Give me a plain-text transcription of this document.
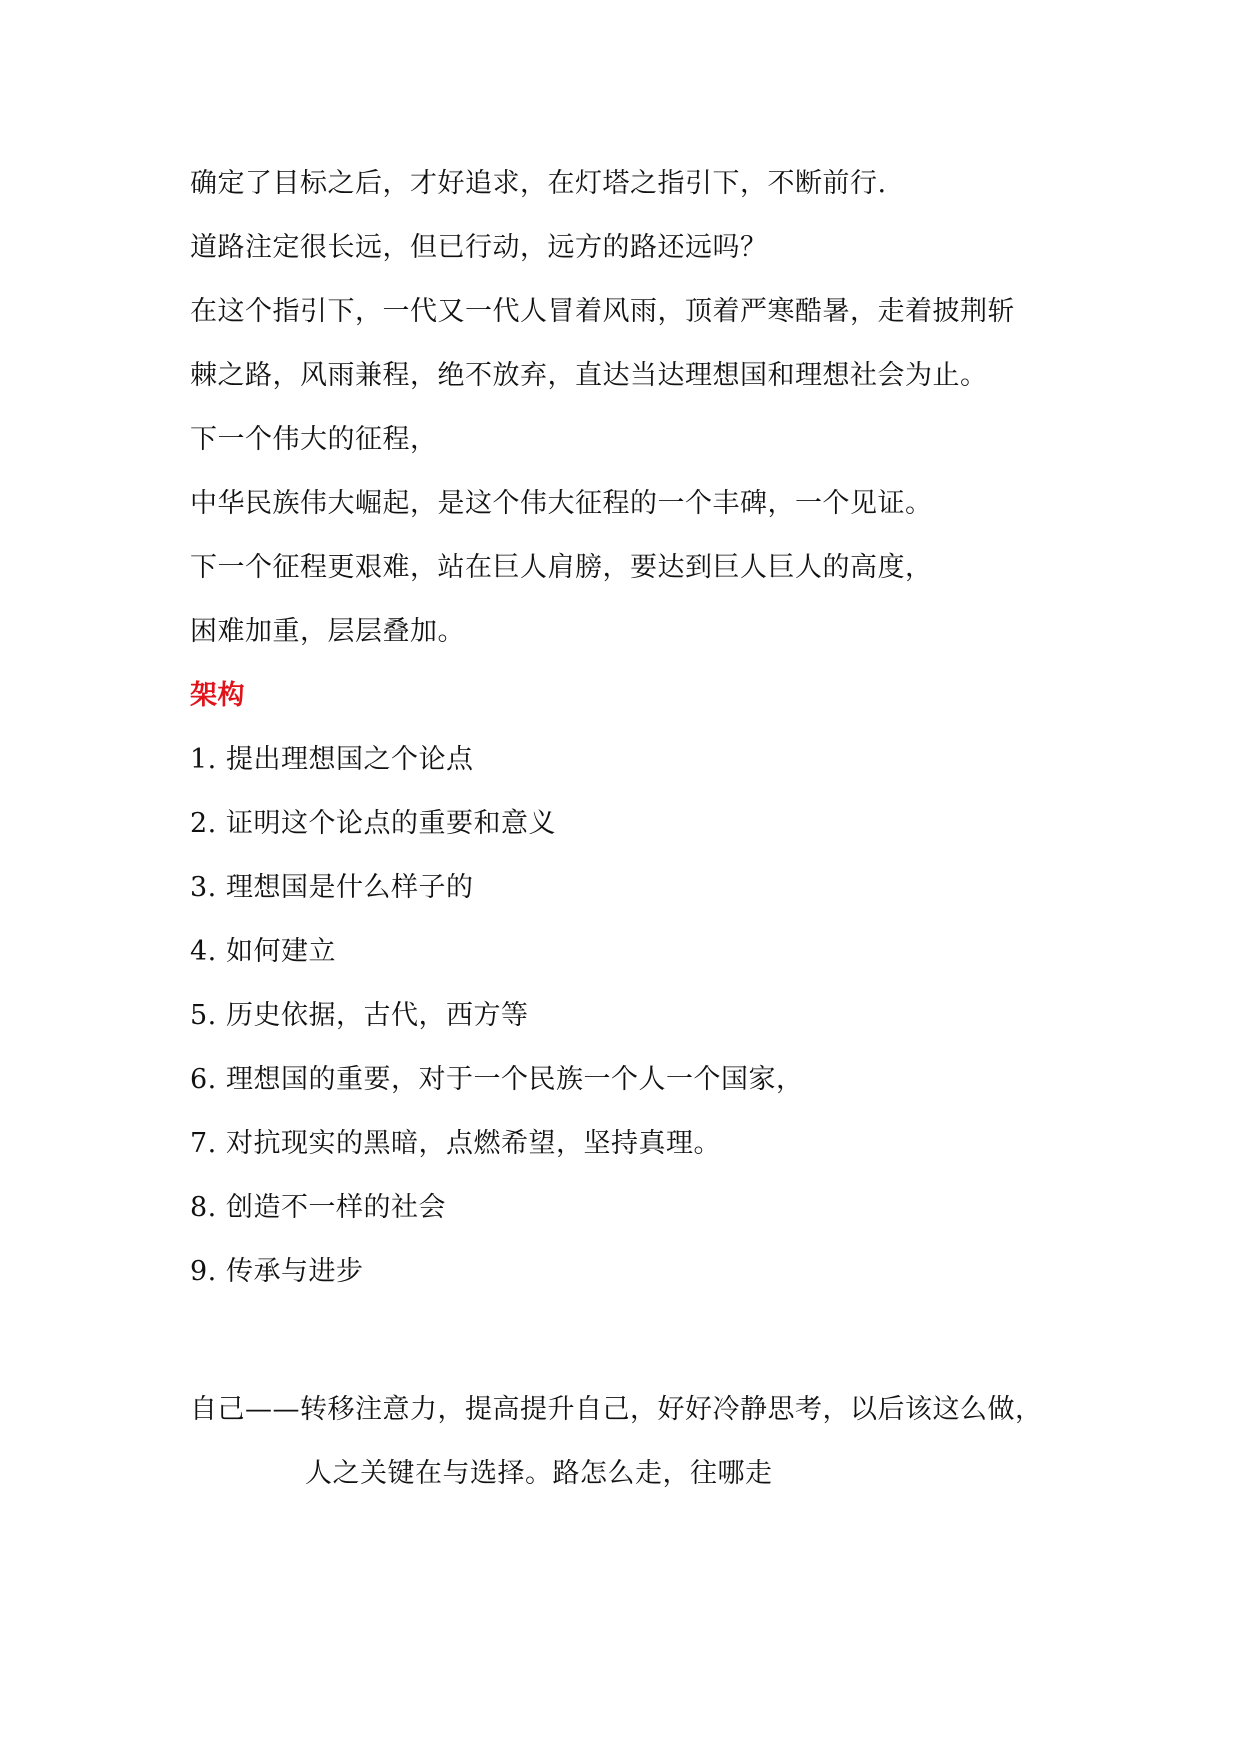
确定了目标之后，才好追求，在灯塔之指引下，不断前行.
道路注定很长远，但已行动，远方的路还远吗？
在这个指引下，一代又一代人冒着风雨，顶着严寒酷暑，走着披荆斩
棘之路，风雨兼程，绝不放弃，直达当达理想国和理想社会为止。
下一个伟大的征程，
中华民族伟大崛起，是这个伟大征程的一个丰碑，一个见证。
下一个征程更艰难，站在巨人肩膀，要达到巨人巨人的高度，
困难加重，层层叠加。
架构
1. 提出理想国之个论点
2. 证明这个论点的重要和意义
3. 理想国是什么样子的
4. 如何建立
5. 历史依据，古代，西方等
6. 理想国的重要，对于一个民族一个人一个国家，
7. 对抗现实的黑暗，点燃希望，坚持真理。
8. 创造不一样的社会
9. 传承与进步
自己——转移注意力，提高提升自己，好好冷静思考，以后该这么做，
人之关键在与选择。路怎么走，往哪走
